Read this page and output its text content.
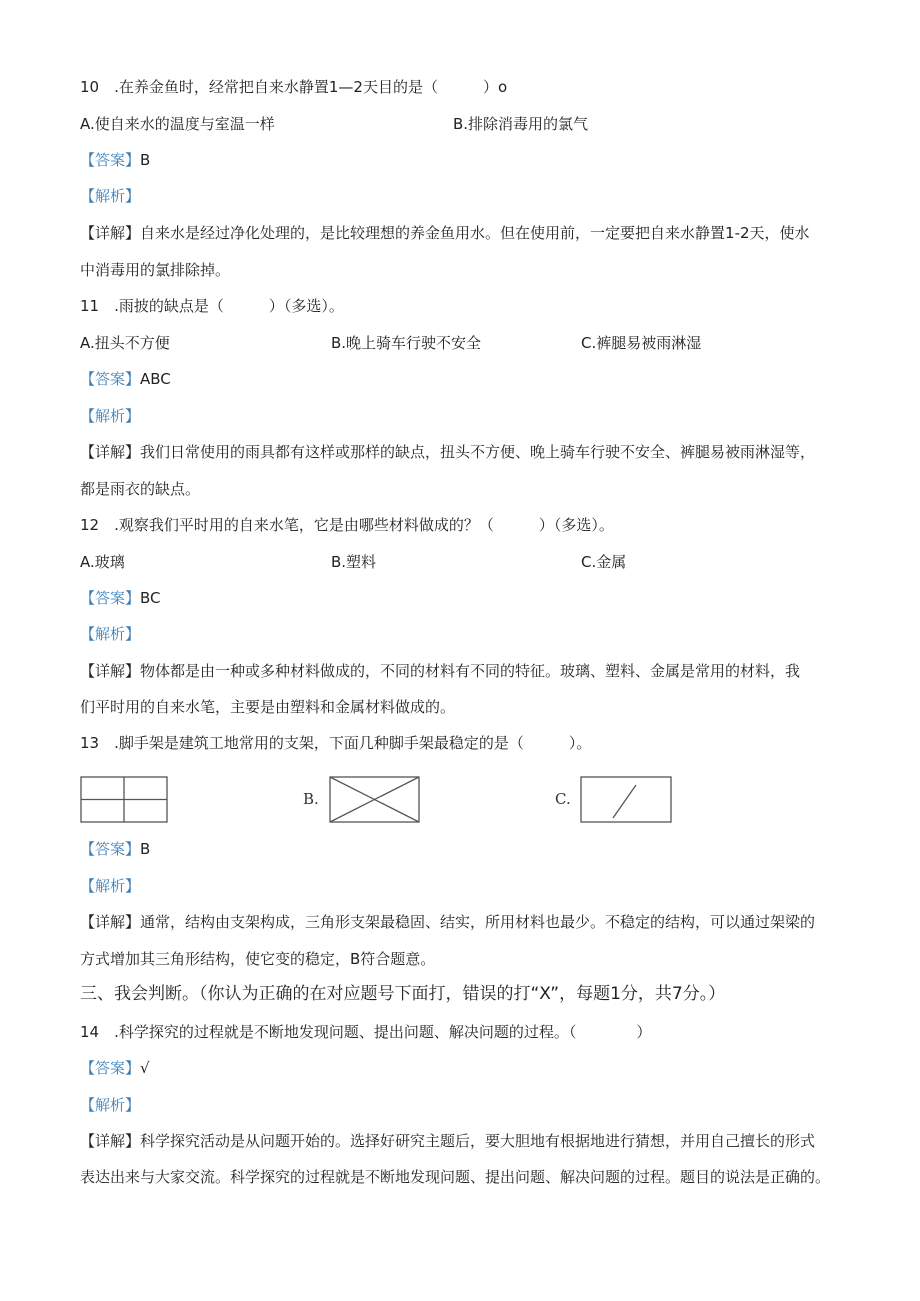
10　.在养金鱼时，经常把自来水静置1—2天目的是（　　　）o
A.使自来水的温度与室温一样	B.排除消毒用的氯气
【答案】B
【解析】
【详解】自来水是经过净化处理的，是比较理想的养金鱼用水。但在使用前，一定要把自来水静置1-2天，使水
中消毒用的氯排除掉。
11　.雨披的缺点是（　　　）（多选）。
A.扭头不方便	B.晚上骑车行驶不安全	C.裤腿易被雨淋湿
【答案】ABC
【解析】
【详解】我们日常使用的雨具都有这样或那样的缺点，扭头不方便、晚上骑车行驶不安全、裤腿易被雨淋湿等，
都是雨衣的缺点。
12　.观察我们平时用的自来水笔，它是由哪些材料做成的？（　　　）（多选）。
A.玻璃	B.塑料	C.金属
【答案】BC
【解析】
【详解】物体都是由一种或多种材料做成的，不同的材料有不同的特征。玻璃、塑料、金属是常用的材料，我
们平时用的自来水笔，主要是由塑料和金属材料做成的。
13　.脚手架是建筑工地常用的支架，下面几种脚手架最稳定的是（　　　）。
B.	C.
【答案】B
【解析】
【详解】通常，结构由支架构成，三角形支架最稳固、结实，所用材料也最少。不稳定的结构，可以通过架梁的
方式增加其三角形结构，使它变的稳定，B符合题意。
三、我会判断。（你认为正确的在对应题号下面打，错误的打“X”，每题1分，共7分。）
14　.科学探究的过程就是不断地发现问题、提出问题、解决问题的过程。（　　　　）
【答案】√
【解析】
【详解】科学探究活动是从问题开始的。选择好研究主题后，要大胆地有根据地进行猜想，并用自己擅长的形式
表达出来与大家交流。科学探究的过程就是不断地发现问题、提出问题、解决问题的过程。题目的说法是正确的。
